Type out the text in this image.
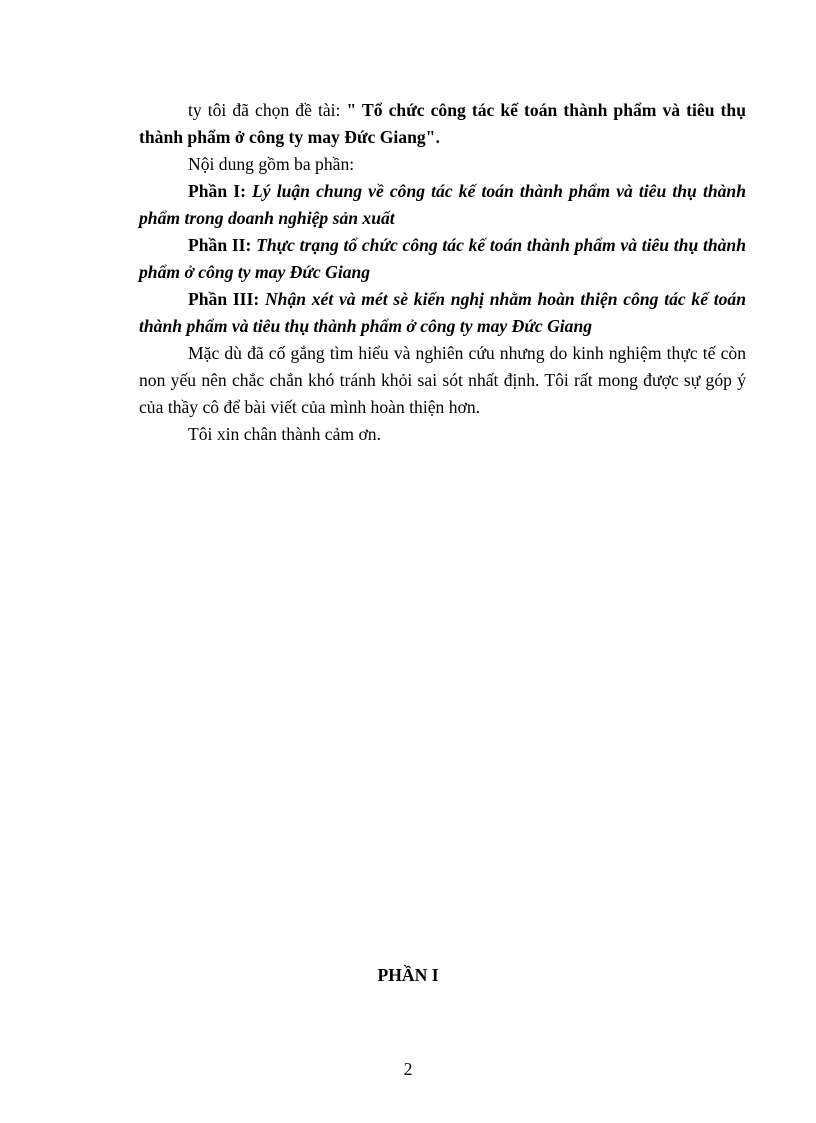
ty tôi đã chọn đề tài: " Tổ chức công tác kế toán thành phẩm và tiêu thụ thành phẩm ở công ty may Đức Giang".

Nội dung gồm ba phần:

Phần I: Lý luận chung về công tác kế toán thành phẩm và tiêu thụ thành phẩm trong doanh nghiệp sản xuất

Phần II: Thực trạng tổ chức công tác kế toán thành phẩm và tiêu thụ thành phẩm ở công ty may Đức Giang

Phần III: Nhận xét và mét sè kiến nghị nhằm hoàn thiện công tác kế toán thành phẩm và tiêu thụ thành phẩm ở công ty may Đức Giang

Mặc dù đã cố gắng tìm hiểu và nghiên cứu nhưng do kinh nghiệm thực tế còn non yếu nên chắc chắn khó tránh khỏi sai sót nhất định. Tôi rất mong được sự góp ý của thầy cô để bài viết của mình hoàn thiện hơn.

Tôi xin chân thành cảm ơn.

PHẦN I
2
